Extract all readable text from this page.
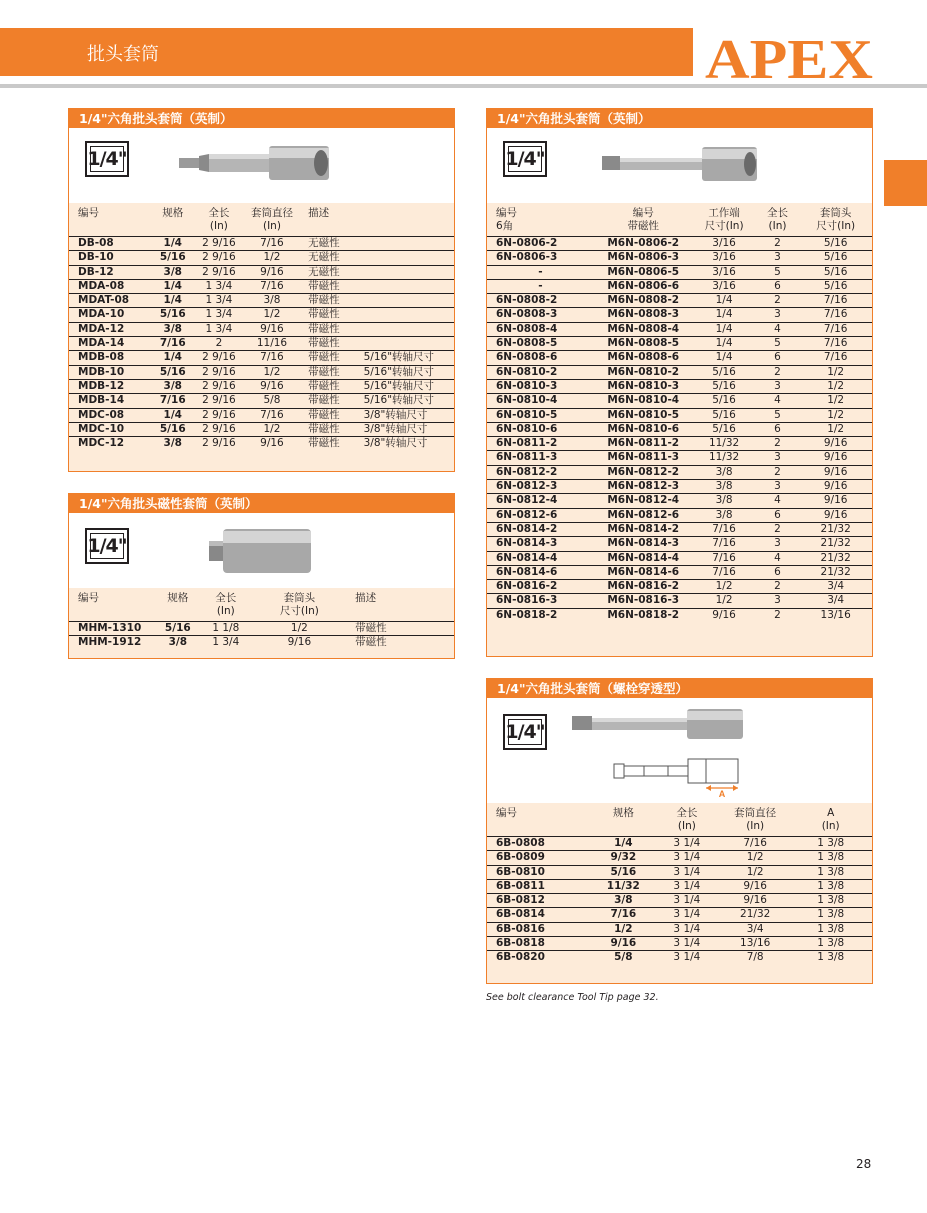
批头套筒	APEX
1/4"六角批头套筒（英制）
1/4"
编号	规格	全长
(In)	套筒直径
(In)	描述	
DB-08	1/4	2 9/16	7/16	无磁性	
DB-10	5/16	2 9/16	1/2	无磁性	
DB-12	3/8	2 9/16	9/16	无磁性	
MDA-08	1/4	1 3/4	7/16	带磁性	
MDAT-08	1/4	1 3/4	3/8	带磁性	
MDA-10	5/16	1 3/4	1/2	带磁性	
MDA-12	3/8	1 3/4	9/16	带磁性	
MDA-14	7/16	2	11/16	带磁性	
MDB-08	1/4	2 9/16	7/16	带磁性	5/16"转轴尺寸
MDB-10	5/16	2 9/16	1/2	带磁性	5/16"转轴尺寸
MDB-12	3/8	2 9/16	9/16	带磁性	5/16"转轴尺寸
MDB-14	7/16	2 9/16	5/8	带磁性	5/16"转轴尺寸
MDC-08	1/4	2 9/16	7/16	带磁性	3/8"转轴尺寸
MDC-10	5/16	2 9/16	1/2	带磁性	3/8"转轴尺寸
MDC-12	3/8	2 9/16	9/16	带磁性	3/8"转轴尺寸
1/4"六角批头磁性套筒（英制）
1/4"
编号	规格	全长
(In)	套筒头
尺寸(In)	描述
MHM-1310	5/16	1 1/8	1/2	带磁性
MHM-1912	3/8	1 3/4	9/16	带磁性
1/4"六角批头套筒（英制）
1/4"
编号
6角	编号
带磁性	工作端
尺寸(In)	全长
(In)	套筒头
尺寸(In)
6N-0806-2	M6N-0806-2	3/16	2	5/16
6N-0806-3	M6N-0806-3	3/16	3	5/16
-	M6N-0806-5	3/16	5	5/16
-	M6N-0806-6	3/16	6	5/16
6N-0808-2	M6N-0808-2	1/4	2	7/16
6N-0808-3	M6N-0808-3	1/4	3	7/16
6N-0808-4	M6N-0808-4	1/4	4	7/16
6N-0808-5	M6N-0808-5	1/4	5	7/16
6N-0808-6	M6N-0808-6	1/4	6	7/16
6N-0810-2	M6N-0810-2	5/16	2	1/2
6N-0810-3	M6N-0810-3	5/16	3	1/2
6N-0810-4	M6N-0810-4	5/16	4	1/2
6N-0810-5	M6N-0810-5	5/16	5	1/2
6N-0810-6	M6N-0810-6	5/16	6	1/2
6N-0811-2	M6N-0811-2	11/32	2	9/16
6N-0811-3	M6N-0811-3	11/32	3	9/16
6N-0812-2	M6N-0812-2	3/8	2	9/16
6N-0812-3	M6N-0812-3	3/8	3	9/16
6N-0812-4	M6N-0812-4	3/8	4	9/16
6N-0812-6	M6N-0812-6	3/8	6	9/16
6N-0814-2	M6N-0814-2	7/16	2	21/32
6N-0814-3	M6N-0814-3	7/16	3	21/32
6N-0814-4	M6N-0814-4	7/16	4	21/32
6N-0814-6	M6N-0814-6	7/16	6	21/32
6N-0816-2	M6N-0816-2	1/2	2	3/4
6N-0816-3	M6N-0816-3	1/2	3	3/4
6N-0818-2	M6N-0818-2	9/16	2	13/16
1/4"六角批头套筒（螺栓穿透型）
1/4"
A
编号	规格	全长
(In)	套筒直径
(In)	A
(In)
6B-0808	1/4	3 1/4	7/16	1 3/8
6B-0809	9/32	3 1/4	1/2	1 3/8
6B-0810	5/16	3 1/4	1/2	1 3/8
6B-0811	11/32	3 1/4	9/16	1 3/8
6B-0812	3/8	3 1/4	9/16	1 3/8
6B-0814	7/16	3 1/4	21/32	1 3/8
6B-0816	1/2	3 1/4	3/4	1 3/8
6B-0818	9/16	3 1/4	13/16	1 3/8
6B-0820	5/8	3 1/4	7/8	1 3/8
See bolt clearance Tool Tip page 32.
28
